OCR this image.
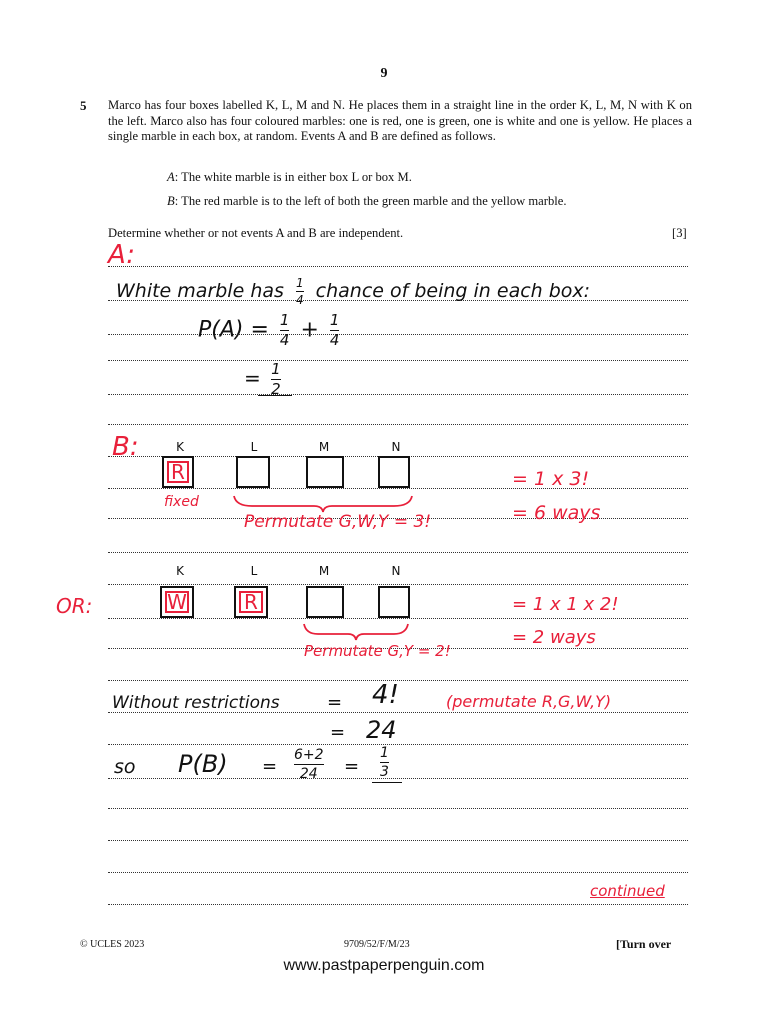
9
5 Marco has four boxes labelled K, L, M and N. He places them in a straight line in the order K, L, M, N with K on the left. Marco also has four coloured marbles: one is red, one is green, one is white and one is yellow. He places a single marble in each box, at random. Events A and B are defined as follows.
A: The white marble is in either box L or box M.
B: The red marble is to the left of both the green marble and the yellow marble.
Determine whether or not events A and B are independent.	[3]
A:
White marble has $\frac{1}{4}$ chance of being in each box:
$P(A) = \frac{1}{4} + \frac{1}{4}$
= $\frac{1}{2}$
B:	K	L	M	N
R
fixed
Permutate G,W,Y = 3!
= 1 x 3!
= 6 ways
OR:
K	L	M	N
W	R
Permutate G,Y = 2!
= 1 x 1 x 2!
= 2 ways
Without restrictions	= 4!	(permutate R,G,W,Y)
= 24
so $P(B) = \frac{6+2}{24} = \frac{1}{3}$
continued
© UCLES 2023	9709/52/F/M/23	[Turn over
www.pastpaperpenguin.com
